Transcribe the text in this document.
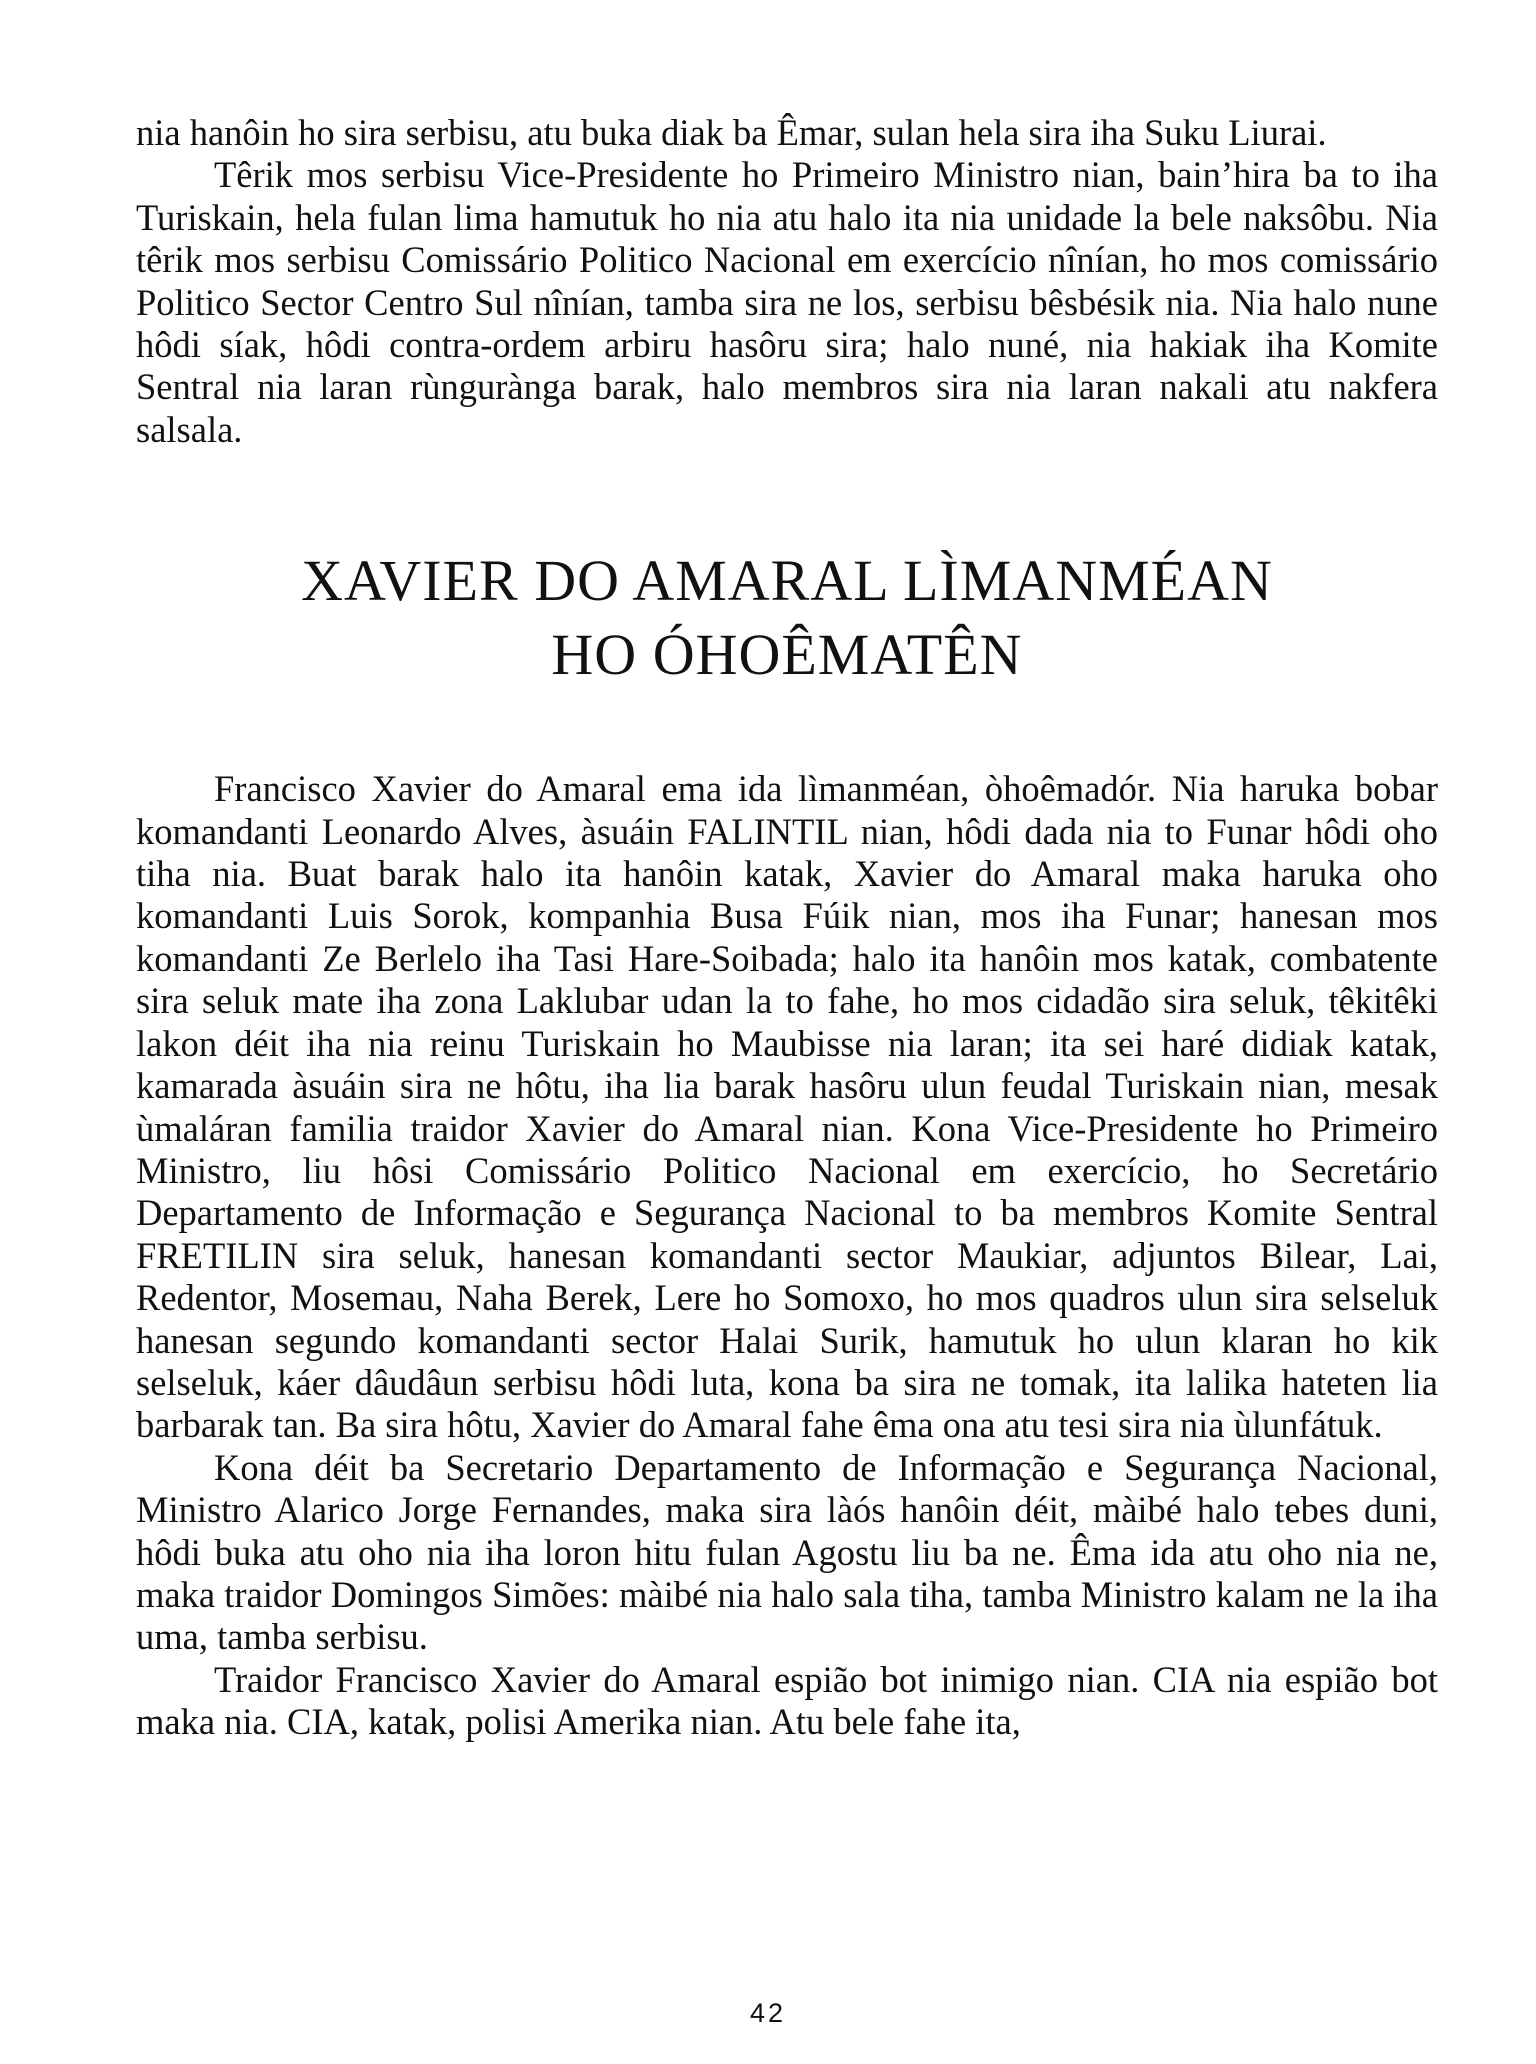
nia hanôin ho sira serbisu, atu buka diak ba Êmar, sulan hela sira iha Suku Liurai.

Têrik mos serbisu Vice-Presidente ho Primeiro Ministro nian, bain’hira ba to iha Turiskain, hela fulan lima hamutuk ho nia atu halo ita nia unidade la bele naksôbu. Nia têrik mos serbisu Comissário Politico Nacional em exercício nînían, ho mos comissário Politico Sector Centro Sul nînían, tamba sira ne los, serbisu bêsbésik nia. Nia halo nune hôdi síak, hôdi contra-ordem arbiru hasôru sira; halo nuné, nia hakiak iha Komite Sentral nia laran rùngurànga barak, halo membros sira nia laran nakali atu nakfera salsala.

XAVIER DO AMARAL LÌMANMÉAN
HO ÓHOÊMATÊN

Francisco Xavier do Amaral ema ida lìmanméan, òhoêmadór. Nia haruka bobar komandanti Leonardo Alves, àsuáin FALINTIL nian, hôdi dada nia to Funar hôdi oho tiha nia. Buat barak halo ita hanôin katak, Xavier do Amaral maka haruka oho komandanti Luis Sorok, kompanhia Busa Fúik nian, mos iha Funar; hanesan mos komandanti Ze Berlelo iha Tasi Hare-Soibada; halo ita hanôin mos katak, combatente sira seluk mate iha zona Laklubar udan la to fahe, ho mos cidadão sira seluk, têkitêki lakon déit iha nia reinu Turiskain ho Maubisse nia laran; ita sei haré didiak katak, kamarada àsuáin sira ne hôtu, iha lia barak hasôru ulun feudal Turiskain nian, mesak ùmaláran familia traidor Xavier do Amaral nian. Kona Vice-Presidente ho Primeiro Ministro, liu hôsi Comissário Politico Nacional em exercício, ho Secretário Departamento de Informação e Segurança Nacional to ba membros Komite Sentral FRETILIN sira seluk, hanesan komandanti sector Maukiar, adjuntos Bilear, Lai, Redentor, Mosemau, Naha Berek, Lere ho Somoxo, ho mos quadros ulun sira selseluk hanesan segundo komandanti sector Halai Surik, hamutuk ho ulun klaran ho kik selseluk, káer dâudâun serbisu hôdi luta, kona ba sira ne tomak, ita lalika hateten lia barbarak tan. Ba sira hôtu, Xavier do Amaral fahe êma ona atu tesi sira nia ùlunfátuk.

Kona déit ba Secretario Departamento de Informação e Segurança Nacional, Ministro Alarico Jorge Fernandes, maka sira làós hanôin déit, màibé halo tebes duni, hôdi buka atu oho nia iha loron hitu fulan Agostu liu ba ne. Êma ida atu oho nia ne, maka traidor Domingos Simões: màibé nia halo sala tiha, tamba Ministro kalam ne la iha uma, tamba serbisu.

Traidor Francisco Xavier do Amaral espião bot inimigo nian. CIA nia espião bot maka nia. CIA, katak, polisi Amerika nian. Atu bele fahe ita,

42
